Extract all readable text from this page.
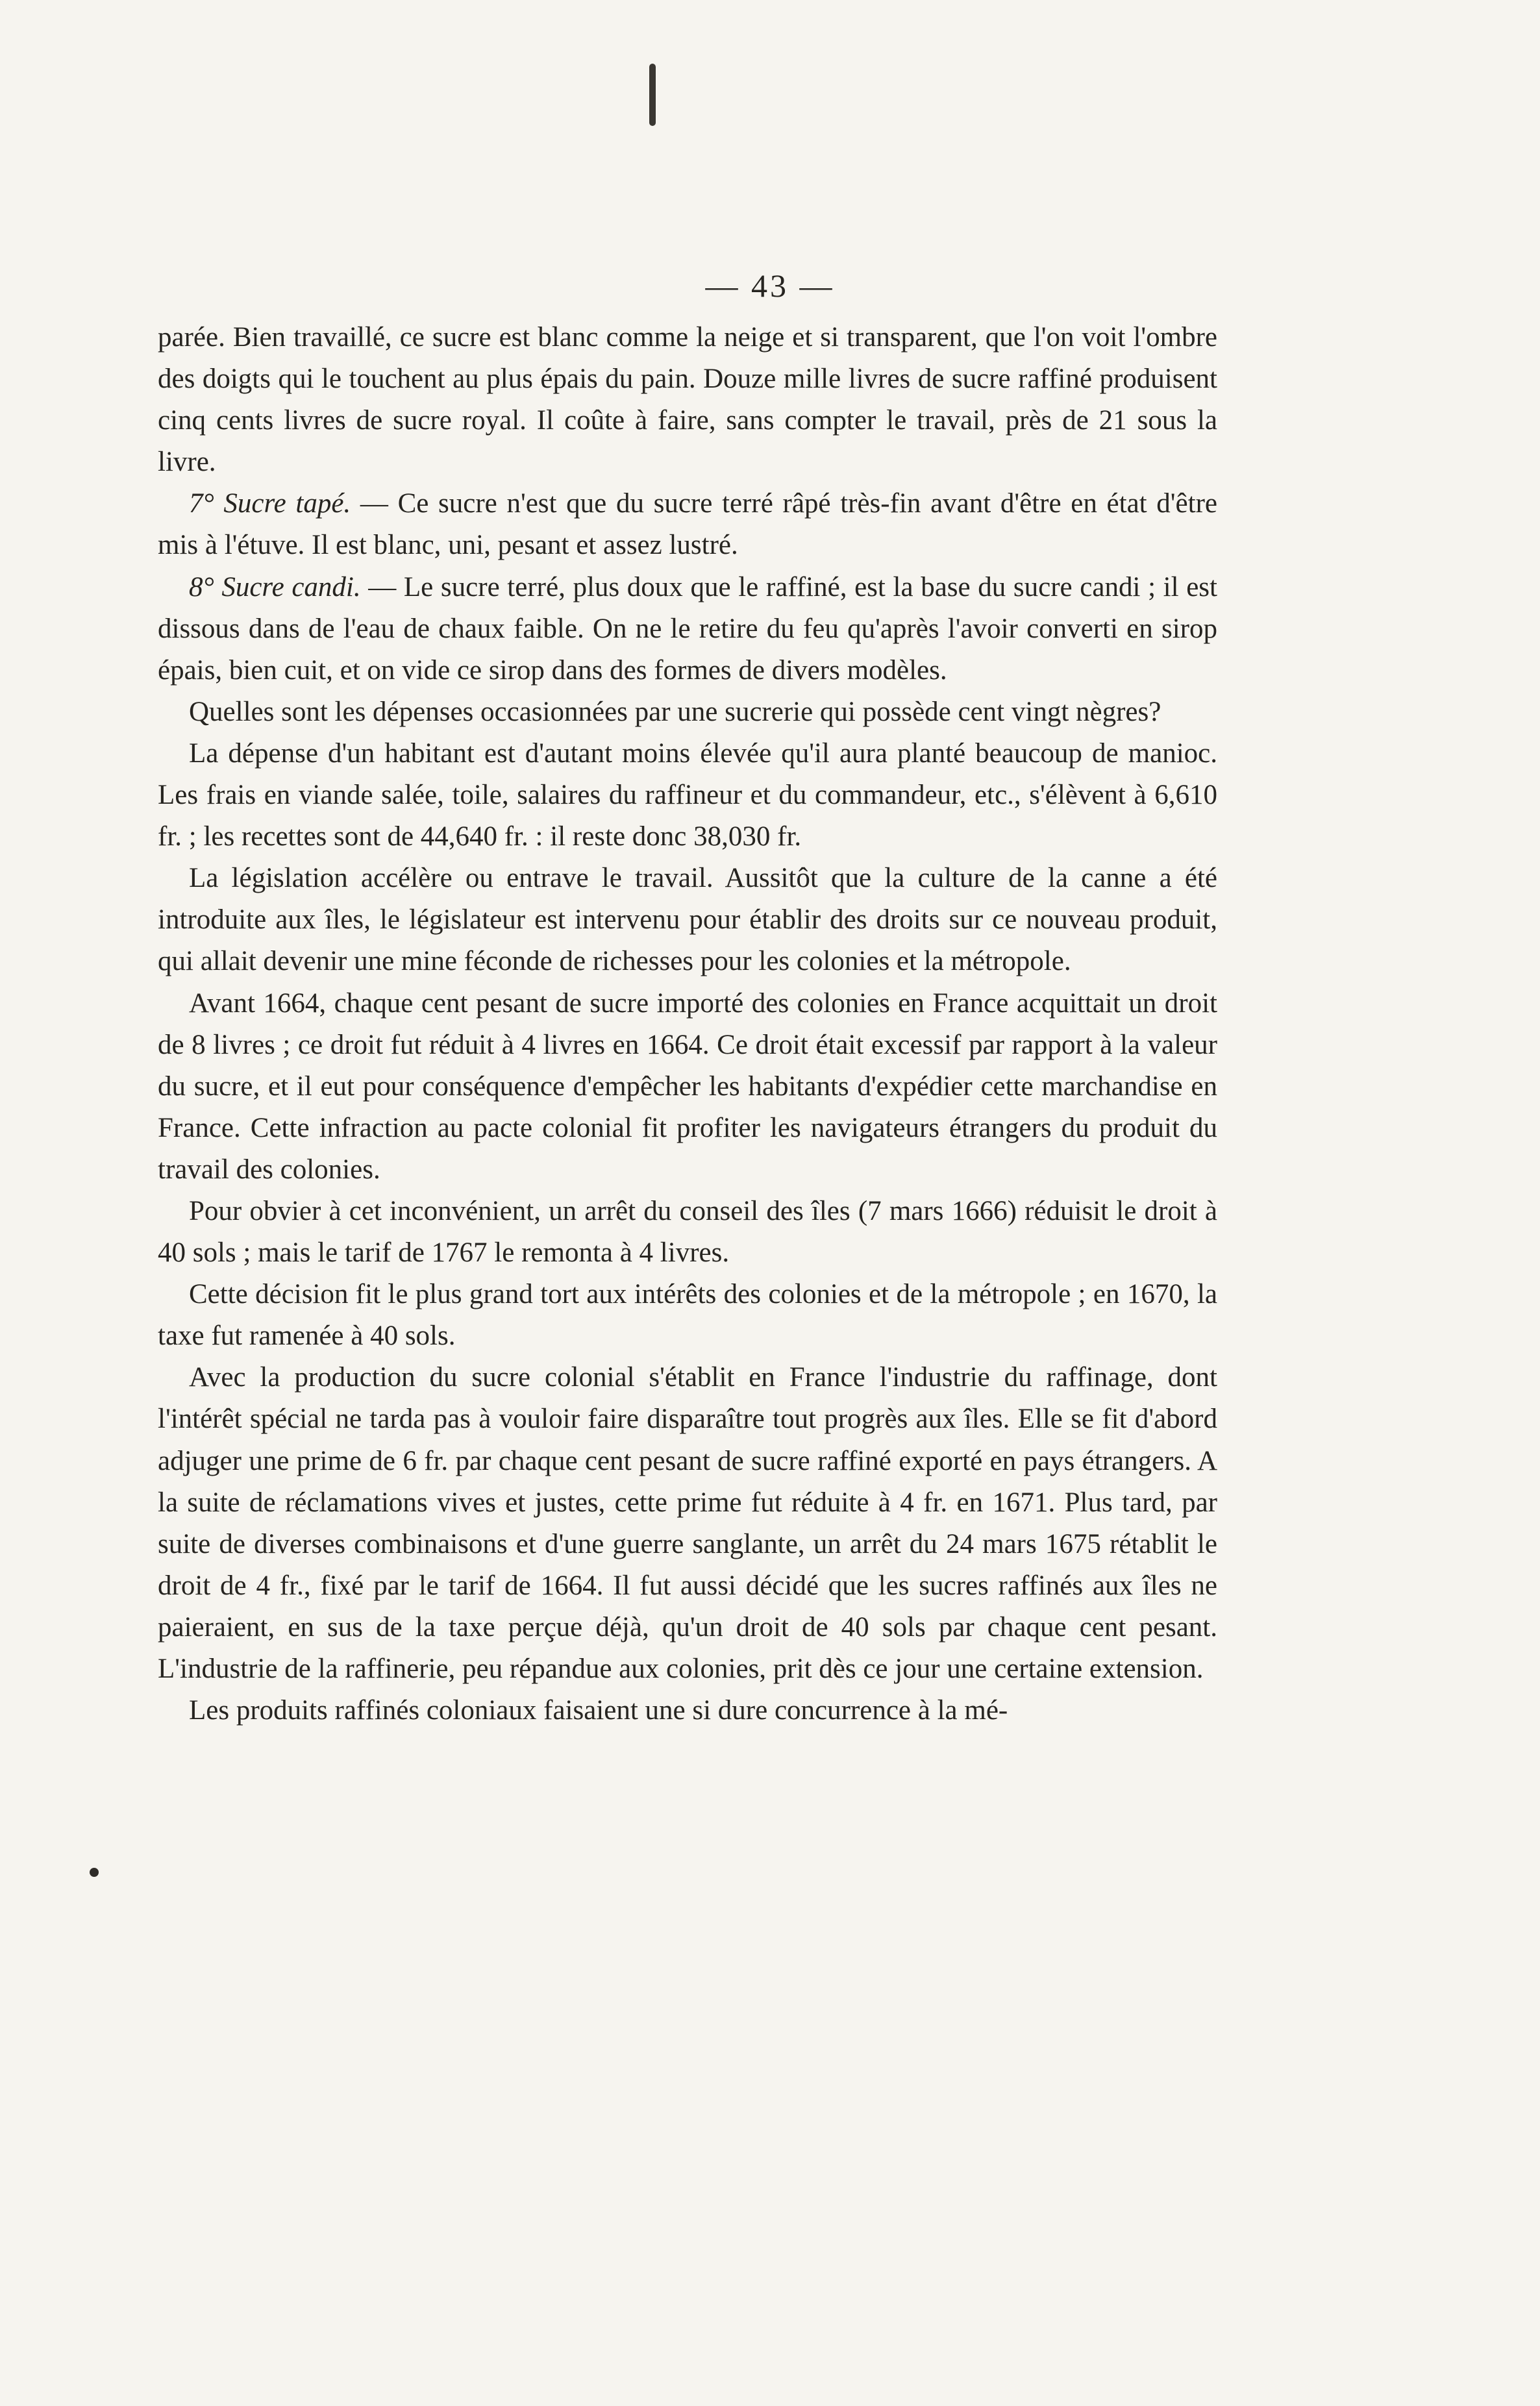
— 43 —

parée. Bien travaillé, ce sucre est blanc comme la neige et si transparent, que l'on voit l'ombre des doigts qui le touchent au plus épais du pain. Douze mille livres de sucre raffiné produisent cinq cents livres de sucre royal. Il coûte à faire, sans compter le travail, près de 21 sous la livre.

7° Sucre tapé. — Ce sucre n'est que du sucre terré râpé très-fin avant d'être en état d'être mis à l'étuve. Il est blanc, uni, pesant et assez lustré.

8° Sucre candi. — Le sucre terré, plus doux que le raffiné, est la base du sucre candi ; il est dissous dans de l'eau de chaux faible. On ne le retire du feu qu'après l'avoir converti en sirop épais, bien cuit, et on vide ce sirop dans des formes de divers modèles.

Quelles sont les dépenses occasionnées par une sucrerie qui possède cent vingt nègres?

La dépense d'un habitant est d'autant moins élevée qu'il aura planté beaucoup de manioc. Les frais en viande salée, toile, salaires du raffineur et du commandeur, etc., s'élèvent à 6,610 fr. ; les recettes sont de 44,640 fr. : il reste donc 38,030 fr.

La législation accélère ou entrave le travail. Aussitôt que la culture de la canne a été introduite aux îles, le législateur est intervenu pour établir des droits sur ce nouveau produit, qui allait devenir une mine féconde de richesses pour les colonies et la métropole.

Avant 1664, chaque cent pesant de sucre importé des colonies en France acquittait un droit de 8 livres ; ce droit fut réduit à 4 livres en 1664. Ce droit était excessif par rapport à la valeur du sucre, et il eut pour conséquence d'empêcher les habitants d'expédier cette marchandise en France. Cette infraction au pacte colonial fit profiter les navigateurs étrangers du produit du travail des colonies.

Pour obvier à cet inconvénient, un arrêt du conseil des îles (7 mars 1666) réduisit le droit à 40 sols ; mais le tarif de 1767 le remonta à 4 livres.

Cette décision fit le plus grand tort aux intérêts des colonies et de la métropole ; en 1670, la taxe fut ramenée à 40 sols.

Avec la production du sucre colonial s'établit en France l'industrie du raffinage, dont l'intérêt spécial ne tarda pas à vouloir faire disparaître tout progrès aux îles. Elle se fit d'abord adjuger une prime de 6 fr. par chaque cent pesant de sucre raffiné exporté en pays étrangers. A la suite de réclamations vives et justes, cette prime fut réduite à 4 fr. en 1671. Plus tard, par suite de diverses combinaisons et d'une guerre sanglante, un arrêt du 24 mars 1675 rétablit le droit de 4 fr., fixé par le tarif de 1664. Il fut aussi décidé que les sucres raffinés aux îles ne paieraient, en sus de la taxe perçue déjà, qu'un droit de 40 sols par chaque cent pesant. L'industrie de la raffinerie, peu répandue aux colonies, prit dès ce jour une certaine extension.

Les produits raffinés coloniaux faisaient une si dure concurrence à la mé-
